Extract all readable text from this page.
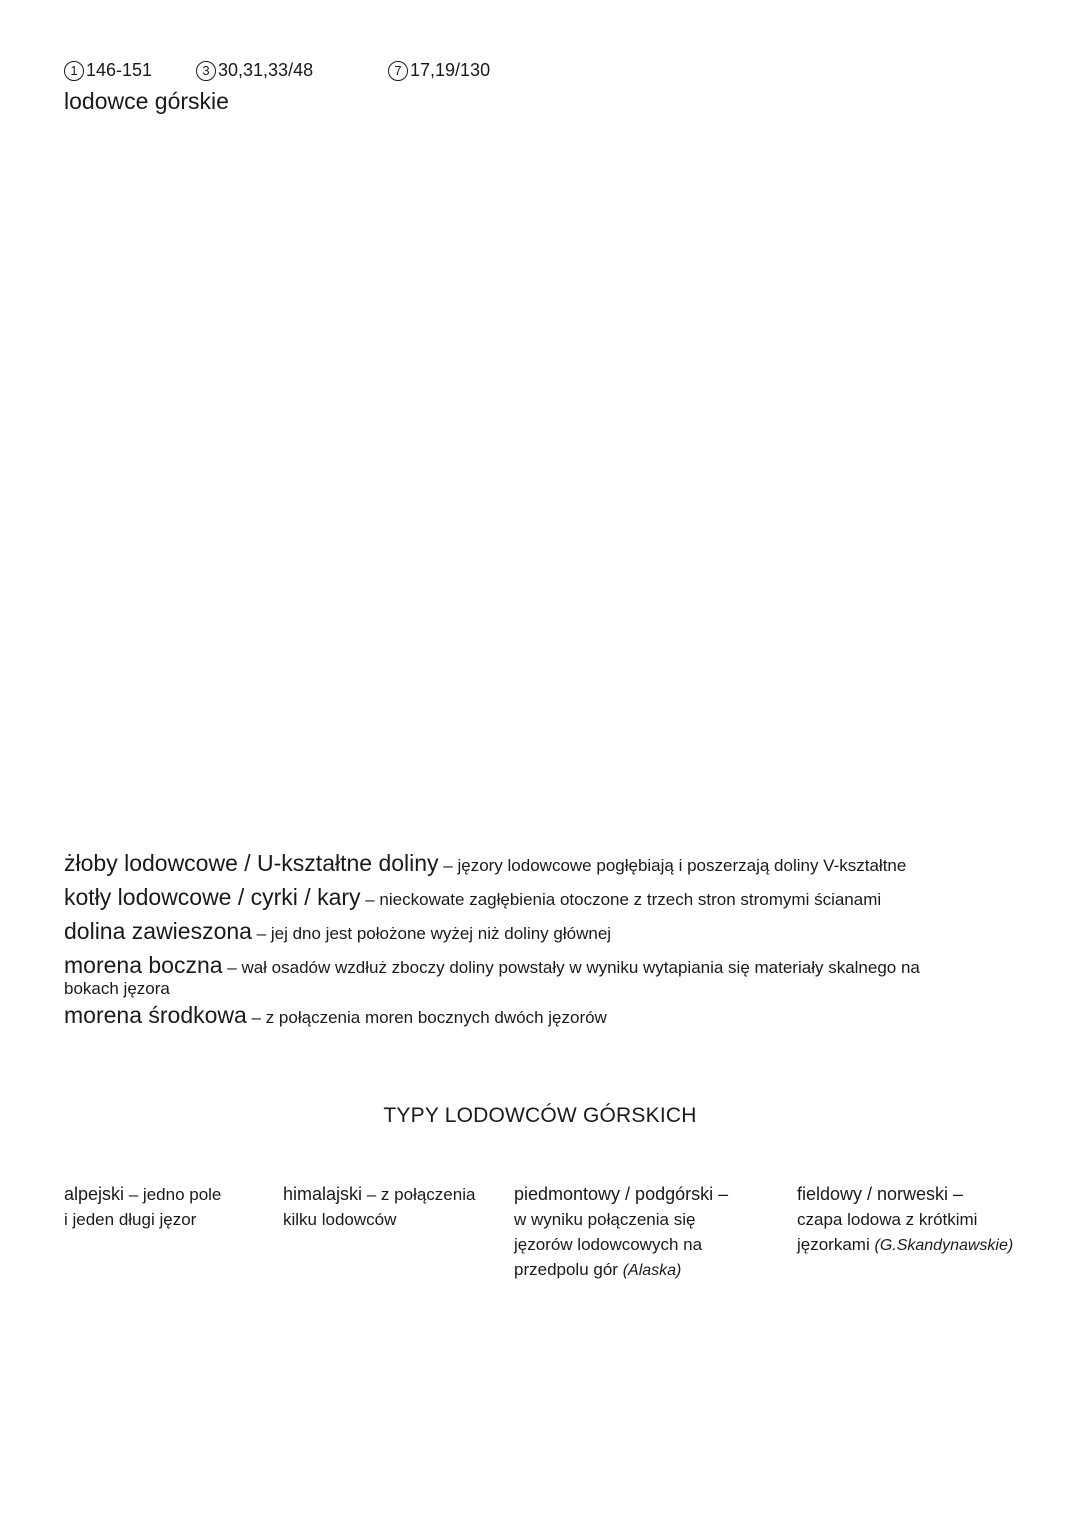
1 146-151	3 30,31,33/48	7 17,19/130
lodowce górskie
żłoby lodowcowe / U-kształtne doliny – jęzory lodowcowe pogłębiają i poszerzają doliny V-kształtne
kotły lodowcowe / cyrki / kary – nieckowate zagłębienia otoczone z trzech stron stromymi ścianami
dolina zawieszona – jej dno jest położone wyżej niż doliny głównej
morena boczna – wał osadów wzdłuż zboczy doliny powstały w wyniku wytapiania się materiały skalnego na
bokach jęzora
morena środkowa – z połączenia moren bocznych dwóch jęzorów
TYPY LODOWCÓW GÓRSKICH
alpejski – jedno pole
i jeden długi jęzor
himalajski – z połączenia
kilku lodowców
piedmontowy / podgórski –
w wyniku połączenia się
jęzorów lodowcowych na
przedpolu gór (Alaska)
fieldowy / norweski –
czapa lodowa z krótkimi
jęzorkami (G.Skandynawskie)
